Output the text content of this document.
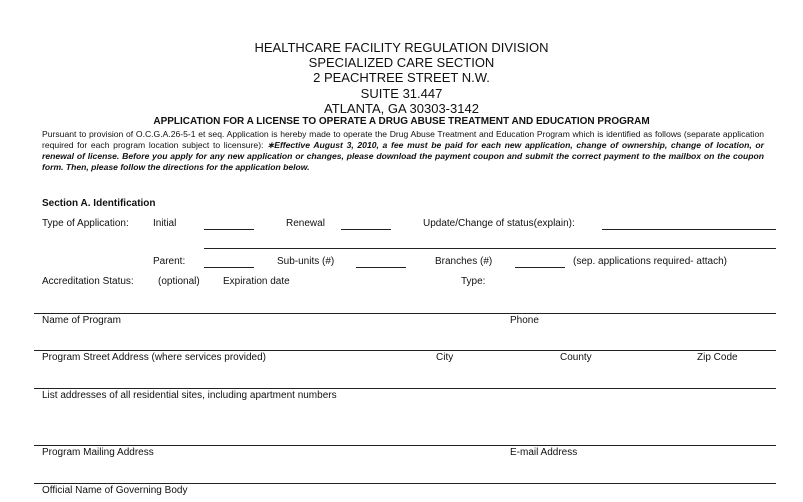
HEALTHCARE FACILITY REGULATION DIVISION
SPECIALIZED CARE SECTION
2 PEACHTREE STREET N.W.
SUITE 31.447
ATLANTA, GA 30303-3142
APPLICATION FOR A LICENSE TO OPERATE A DRUG ABUSE TREATMENT AND EDUCATION PROGRAM
Pursuant to provision of O.C.G.A.26-5-1 et seq. Application is hereby made to operate the Drug Abuse Treatment and Education Program which is identified as follows (separate application required for each program location subject to licensure): ∗Effective August 3, 2010, a fee must be paid for each new application, change of ownership, change of location, or renewal of license. Before you apply for any new application or changes, please download the payment coupon and submit the correct payment to the mailbox on the coupon form. Then, please follow the directions for the application below.
Section A. Identification
Type of Application: Initial	Renewal	Update/Change of status(explain):
Parent:	Sub-units (#)	Branches (#)	(sep. applications required- attach)
Accreditation Status: (optional) Expiration date	Type:
Name of Program	Phone
Program Street Address (where services provided)	City	County	Zip Code
List addresses of all residential sites, including apartment numbers
Program Mailing Address	E-mail Address
Official Name of Governing Body
